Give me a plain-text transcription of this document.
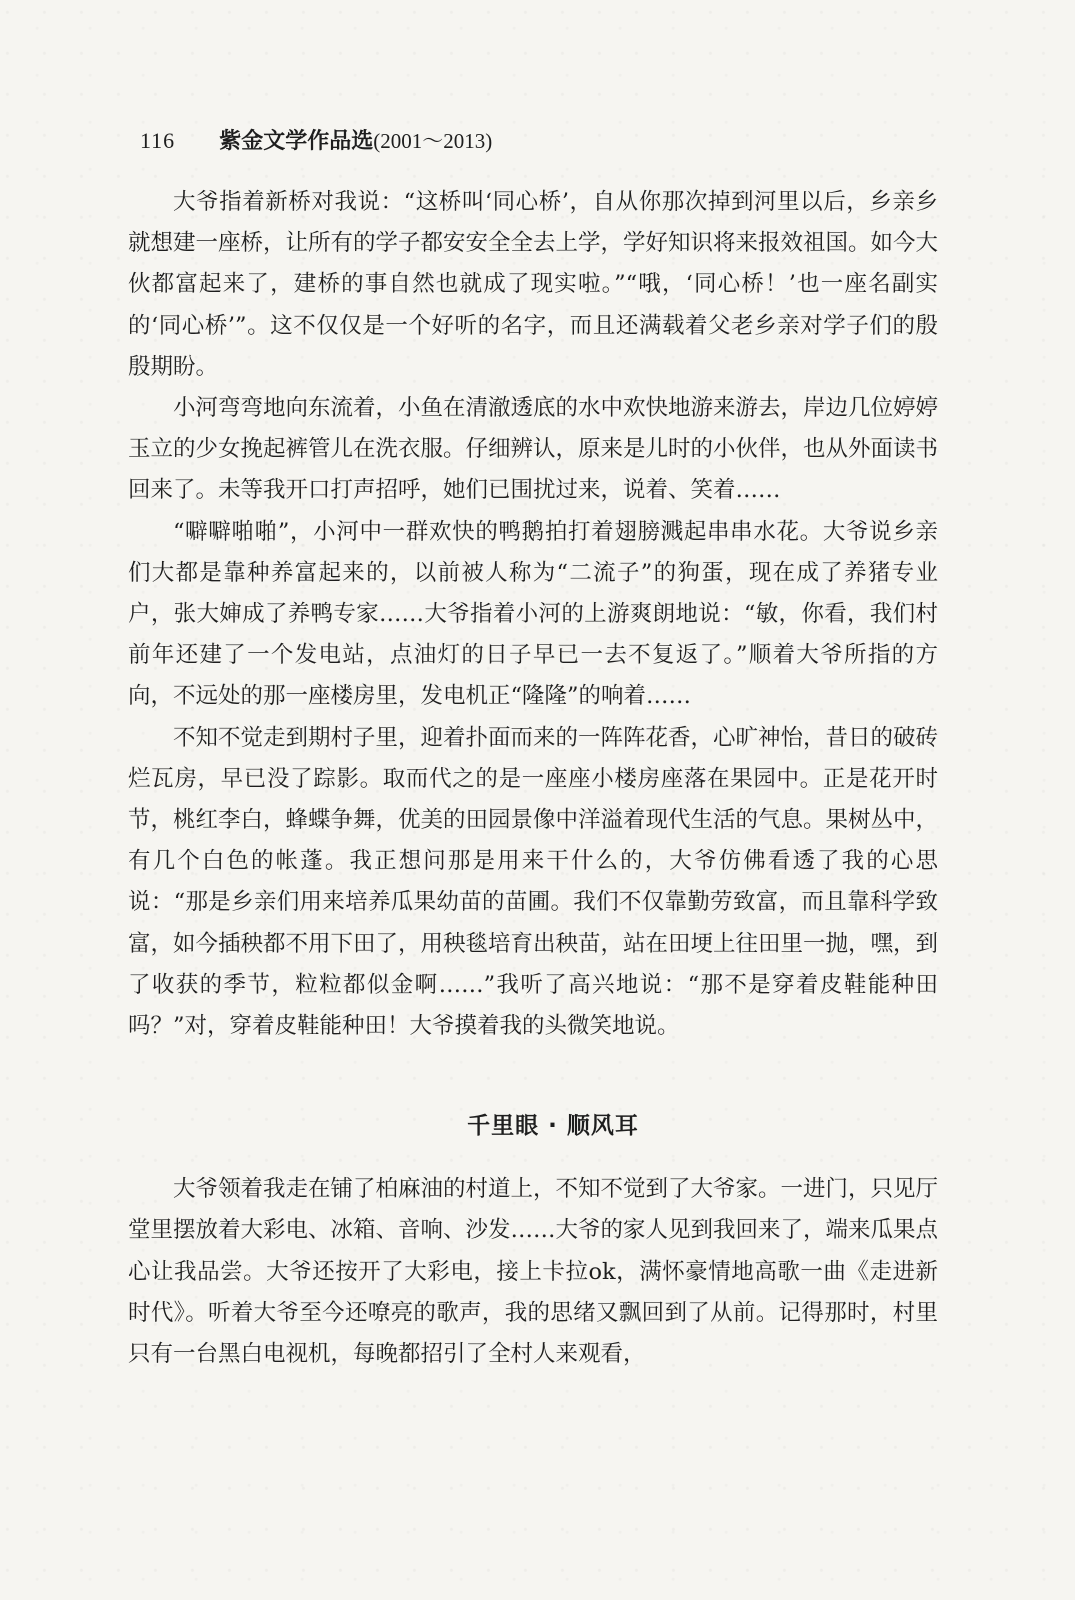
116 紫金文学作品选(2001～2013)

大爷指着新桥对我说：“这桥叫‘同心桥’，自从你那次掉到河里以后，乡亲乡就想建一座桥，让所有的学子都安安全全去上学，学好知识将来报效祖国。如今大伙都富起来了，建桥的事自然也就成了现实啦。”“哦，‘同心桥！’也一座名副实的‘同心桥’”。这不仅仅是一个好听的名字，而且还满载着父老乡亲对学子们的殷殷期盼。

小河弯弯地向东流着，小鱼在清澈透底的水中欢快地游来游去，岸边几位婷婷玉立的少女挽起裤管儿在洗衣服。仔细辨认，原来是儿时的小伙伴，也从外面读书回来了。未等我开口打声招呼，她们已围扰过来，说着、笑着……

“噼噼啪啪”，小河中一群欢快的鸭鹅拍打着翅膀溅起串串水花。大爷说乡亲们大都是靠种养富起来的，以前被人称为“二流子”的狗蛋，现在成了养猪专业户，张大婶成了养鸭专家……大爷指着小河的上游爽朗地说：“敏，你看，我们村前年还建了一个发电站，点油灯的日子早已一去不复返了。”顺着大爷所指的方向，不远处的那一座楼房里，发电机正“隆隆”的响着……

不知不觉走到期村子里，迎着扑面而来的一阵阵花香，心旷神怡，昔日的破砖烂瓦房，早已没了踪影。取而代之的是一座座小楼房座落在果园中。正是花开时节，桃红李白，蜂蝶争舞，优美的田园景像中洋溢着现代生活的气息。果树丛中，有几个白色的帐蓬。我正想问那是用来干什么的，大爷仿佛看透了我的心思说：“那是乡亲们用来培养瓜果幼苗的苗圃。我们不仅靠勤劳致富，而且靠科学致富，如今插秧都不用下田了，用秧毯培育出秧苗，站在田埂上往田里一抛，嘿，到了收获的季节，粒粒都似金啊……”我听了高兴地说：“那不是穿着皮鞋能种田吗？”对，穿着皮鞋能种田！大爷摸着我的头微笑地说。

千里眼 · 顺风耳

大爷领着我走在铺了柏麻油的村道上，不知不觉到了大爷家。一进门，只见厅堂里摆放着大彩电、冰箱、音响、沙发……大爷的家人见到我回来了，端来瓜果点心让我品尝。大爷还按开了大彩电，接上卡拉ok，满怀豪情地高歌一曲《走进新时代》。听着大爷至今还嘹亮的歌声，我的思绪又飘回到了从前。记得那时，村里只有一台黑白电视机，每晚都招引了全村人来观看，
